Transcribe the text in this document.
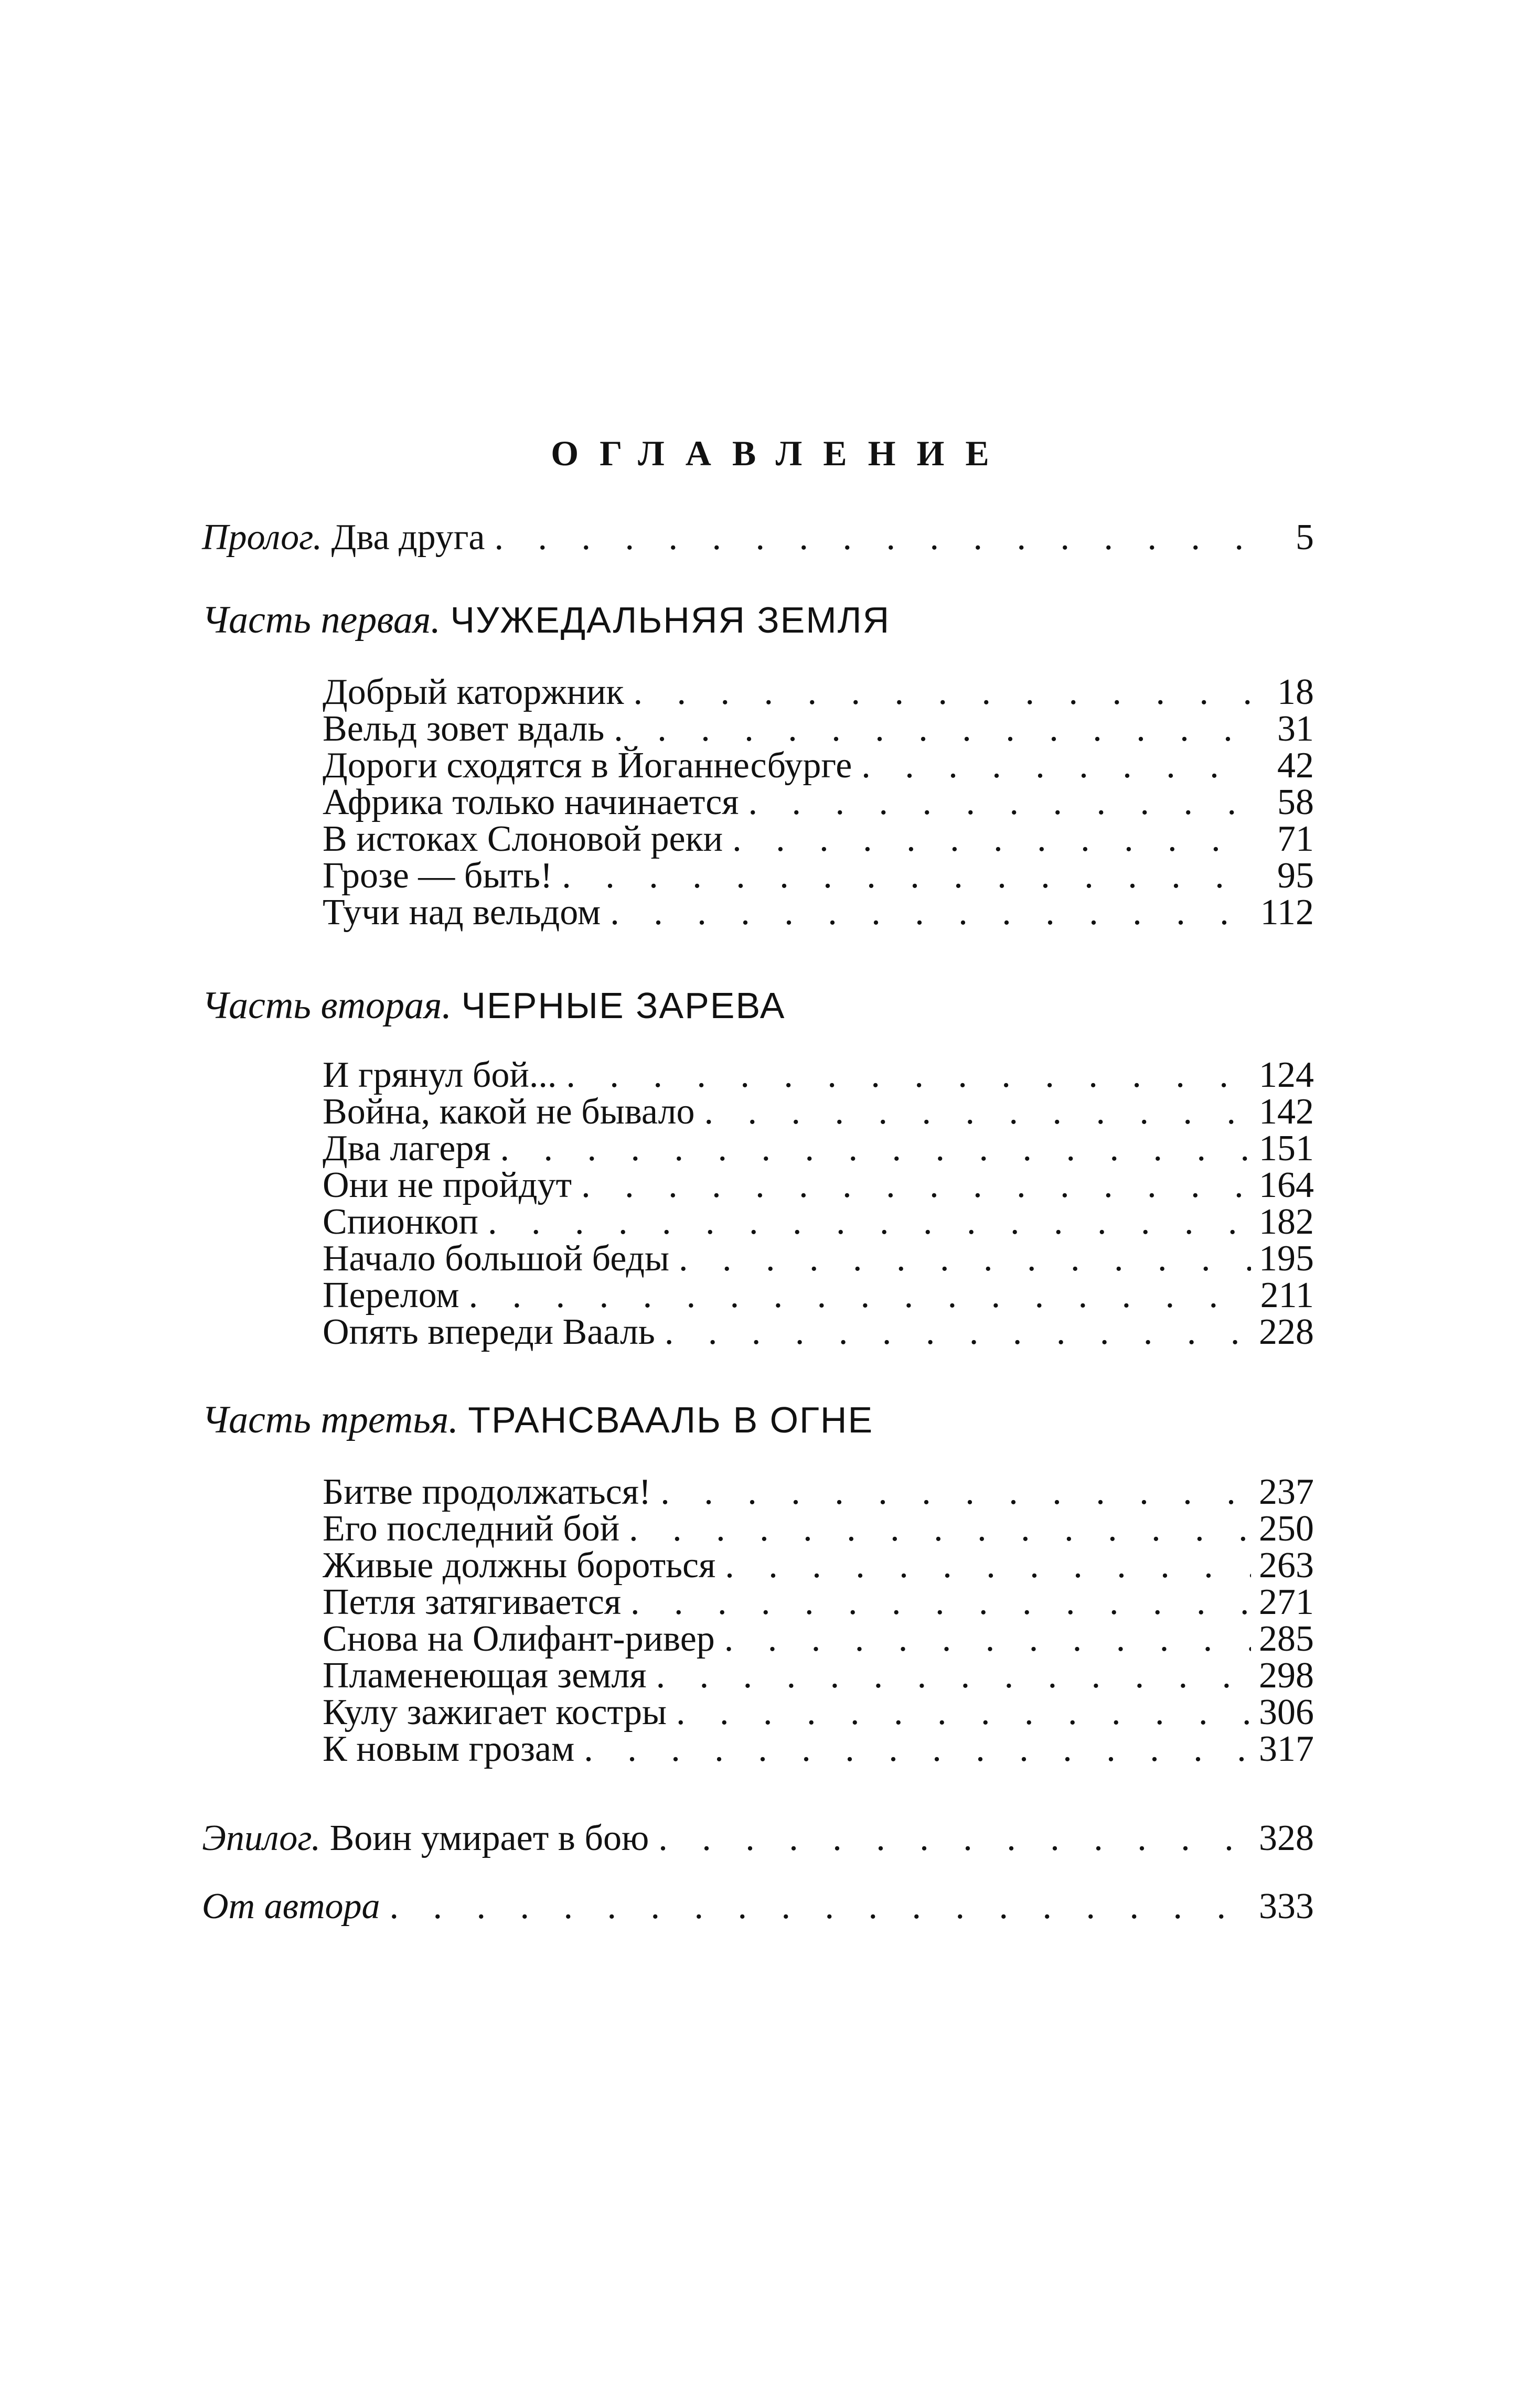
ОГЛАВЛЕНИЕ
Пролог. Два друга . . .	5
Часть первая. ЧУЖЕДАЛЬНЯЯ ЗЕМЛЯ
Добрый каторжник . . .	18
Вельд зовет вдаль . . .	31
Дороги сходятся в Йоганнесбурге . . .	42
Африка только начинается . . .	58
В истоках Слоновой реки . . .	71
Грозе — быть! . . .	95
Тучи над вельдом . . .	112
Часть вторая. ЧЕРНЫЕ ЗАРЕВА
И грянул бой... . . .	124
Война, какой не бывало . . .	142
Два лагеря . . .	151
Они не пройдут . . .	164
Спионкоп . . .	182
Начало большой беды . . .	195
Перелом . . .	211
Опять впереди Вааль . . .	228
Часть третья. ТРАНСВААЛЬ В ОГНЕ
Битве продолжаться! . . .	237
Его последний бой . . .	250
Живые должны бороться . . .	263
Петля затягивается . . .	271
Снова на Олифант-ривер . . .	285
Пламенеющая земля . . .	298
Кулу зажигает костры . . .	306
К новым грозам . . .	317
Эпилог. Воин умирает в бою . . .	328
От автора . . .	333
